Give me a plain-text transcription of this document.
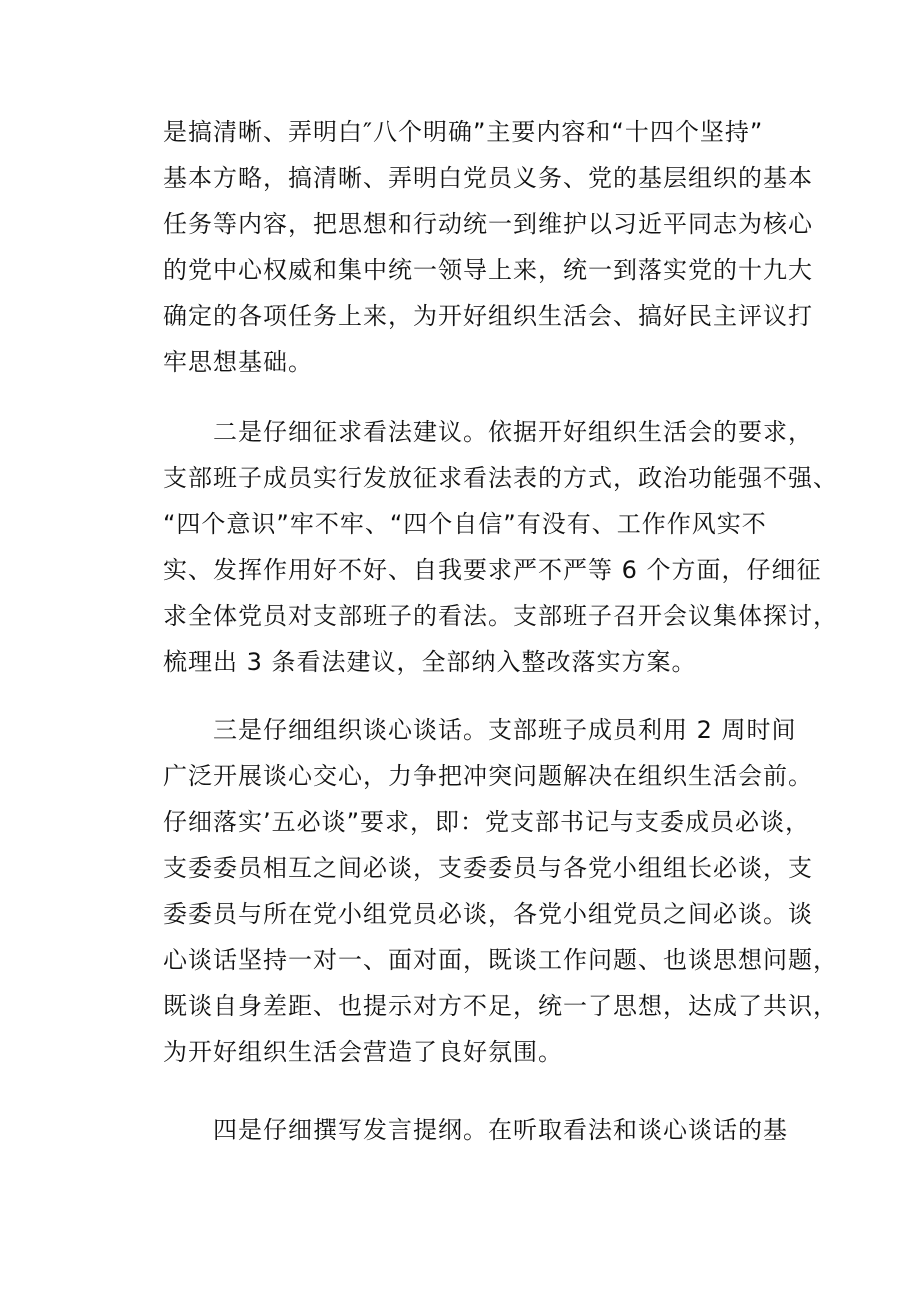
是搞清晰、弄明白″八个明确”主要内容和“十四个坚持”
基本方略，搞清晰、弄明白党员义务、党的基层组织的基本
任务等内容，把思想和行动统一到维护以习近平同志为核心
的党中心权威和集中统一领导上来，统一到落实党的十九大
确定的各项任务上来，为开好组织生活会、搞好民主评议打
牢思想基础。
　　二是仔细征求看法建议。依据开好组织生活会的要求，
支部班子成员实行发放征求看法表的方式，政治功能强不强、
“四个意识”牢不牢、“四个自信”有没有、工作作风实不
实、发挥作用好不好、自我要求严不严等 6 个方面，仔细征
求全体党员对支部班子的看法。支部班子召开会议集体探讨，
梳理出 3 条看法建议，全部纳入整改落实方案。
　　三是仔细组织谈心谈话。支部班子成员利用 2 周时间
广泛开展谈心交心，力争把冲突问题解决在组织生活会前。
仔细落实’五必谈”要求，即：党支部书记与支委成员必谈，
支委委员相互之间必谈，支委委员与各党小组组长必谈，支
委委员与所在党小组党员必谈，各党小组党员之间必谈。谈
心谈话坚持一对一、面对面，既谈工作问题、也谈思想问题，
既谈自身差距、也提示对方不足，统一了思想，达成了共识，
为开好组织生活会营造了良好氛围。
　　四是仔细撰写发言提纲。在听取看法和谈心谈话的基
